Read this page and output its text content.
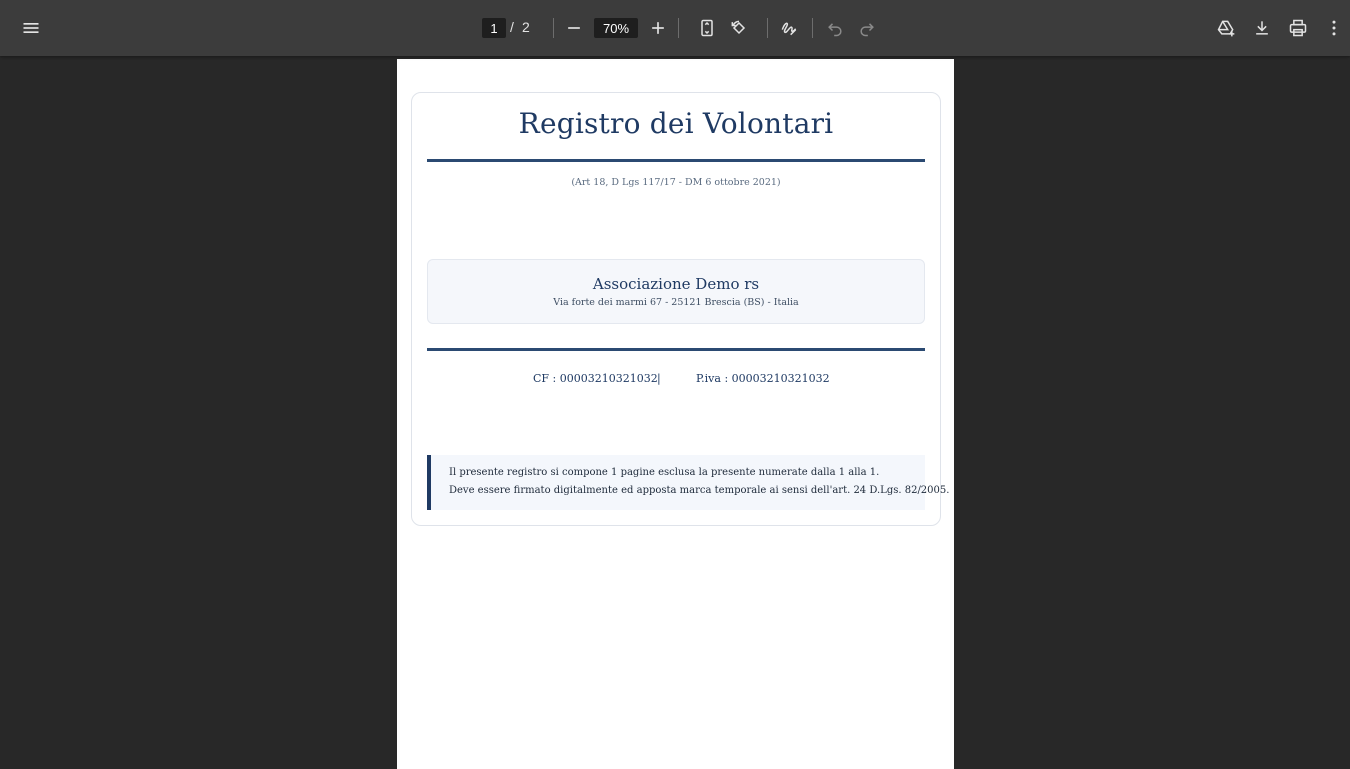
1
/ 2
70%
Registro dei Volontari
(Art 18, D Lgs 117/17 - DM 6 ottobre 2021)
Associazione Demo rs
Via forte dei marmi 67 - 25121 Brescia (BS) - Italia
CF : 00003210321032 |	P.iva : 00003210321032
Il presente registro si compone 1 pagine esclusa la presente numerate dalla 1 alla 1.
Deve essere firmato digitalmente ed apposta marca temporale ai sensi dell'art. 24 D.Lgs. 82/2005.
